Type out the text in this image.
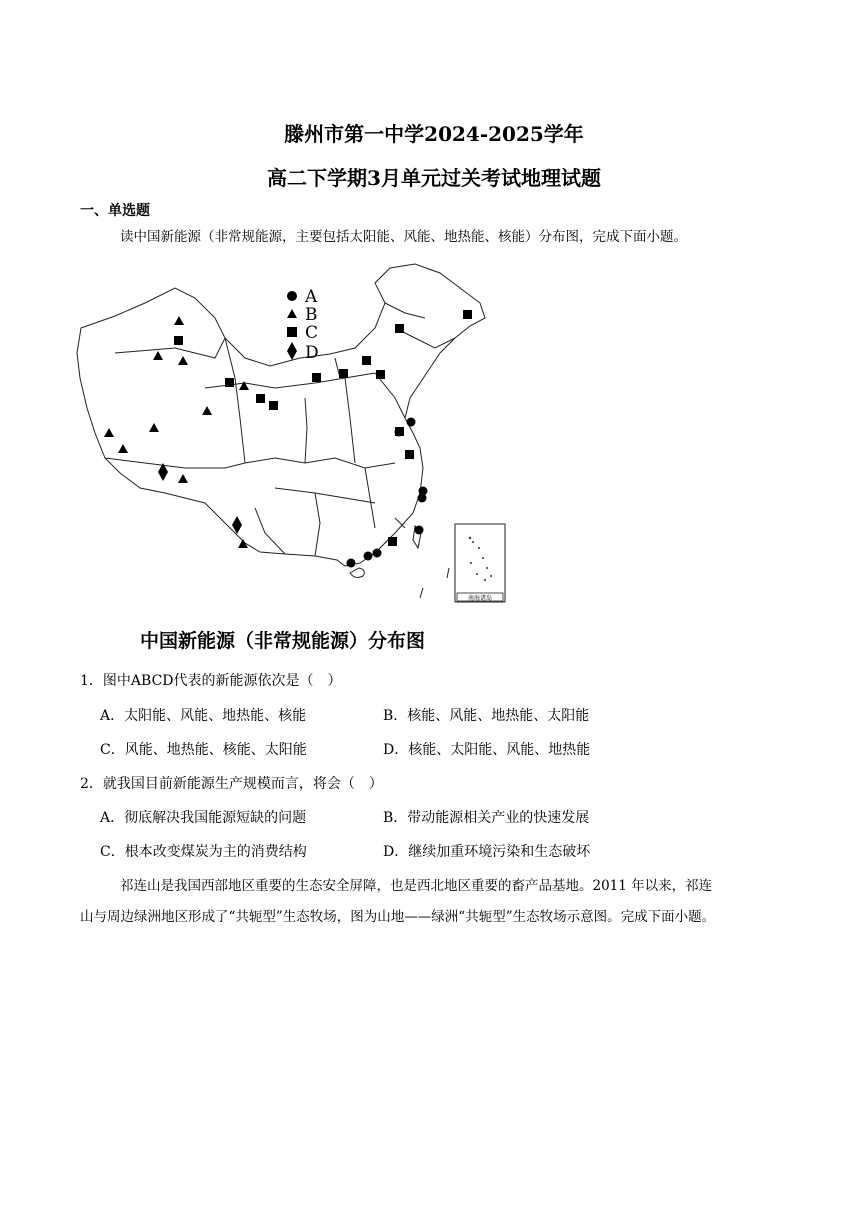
滕州市第一中学2024-2025学年
高二下学期3月单元过关考试地理试题
一、单选题
读中国新能源（非常规能源，主要包括太阳能、风能、地热能、核能）分布图，完成下面小题。
南海诸岛
A
B
C
D
中国新能源（非常规能源）分布图
1．图中ABCD代表的新能源依次是（　）
A．太阳能、风能、地热能、核能	B．核能、风能、地热能、太阳能
C．风能、地热能、核能、太阳能	D．核能、太阳能、风能、地热能
2．就我国目前新能源生产规模而言，将会（　）
A．彻底解决我国能源短缺的问题	B．带动能源相关产业的快速发展
C．根本改变煤炭为主的消费结构	D．继续加重环境污染和生态破坏
祁连山是我国西部地区重要的生态安全屏障，也是西北地区重要的畜产品基地。2011 年以来，祁连
山与周边绿洲地区形成了“共轭型”生态牧场，图为山地——绿洲“共轭型”生态牧场示意图。完成下面小题。
